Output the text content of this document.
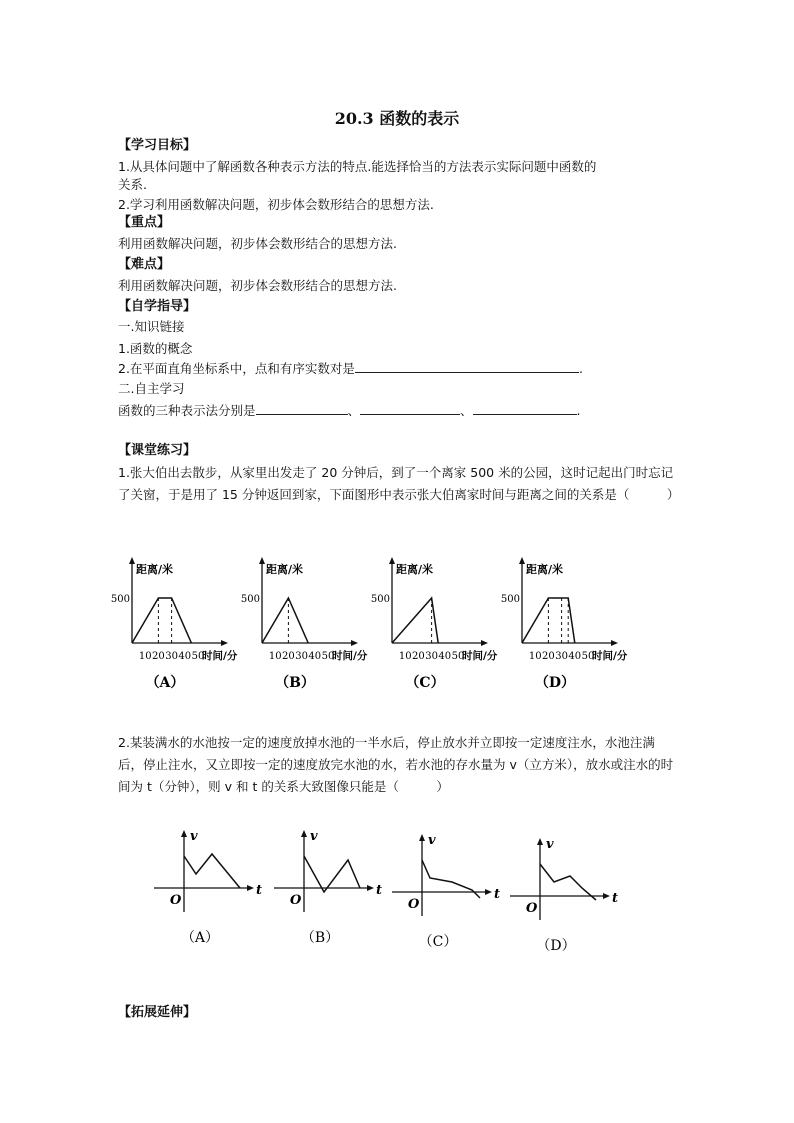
20.3 函数的表示
【学习目标】
1.从具体问题中了解函数各种表示方法的特点.能选择恰当的方法表示实际问题中函数的
关系.
2.学习利用函数解决问题，初步体会数形结合的思想方法.
【重点】
利用函数解决问题，初步体会数形结合的思想方法.
【难点】
利用函数解决问题，初步体会数形结合的思想方法.
【自学指导】
一.知识链接
1.函数的概念
2.在平面直角坐标系中，点和有序实数对是	.
二.自主学习
函数的三种表示法分别是	、	、	.
【课堂练习】
1.张大伯出去散步，从家里出发走了 20 分钟后，到了一个离家 500 米的公园，这时记起出门时忘记了关窗，于是用了 15 分钟返回到家，下面图形中表示张大伯离家时间与距离之间的关系是（　　　）
距离/米
500
10 20 30 40 50
时间/分
（A）
距离/米
500
10 20 30 40 50
时间/分
（B）
距离/米
500
10 20 30 40 50
时间/分
（C）
距离/米
500
10 20 30 40 50
时间/分
（D）
2.某装满水的水池按一定的速度放掉水池的一半水后，停止放水并立即按一定速度注水，水池注满后，停止注水，又立即按一定的速度放完水池的水，若水池的存水量为 v（立方米），放水或注水的时间为 t（分钟），则 v 和 t 的关系大致图像只能是（　　　）
v
t
O
（A）
v
t
O
（B）
v
t
O
（C）
v
t
O
（D）
【拓展延伸】
